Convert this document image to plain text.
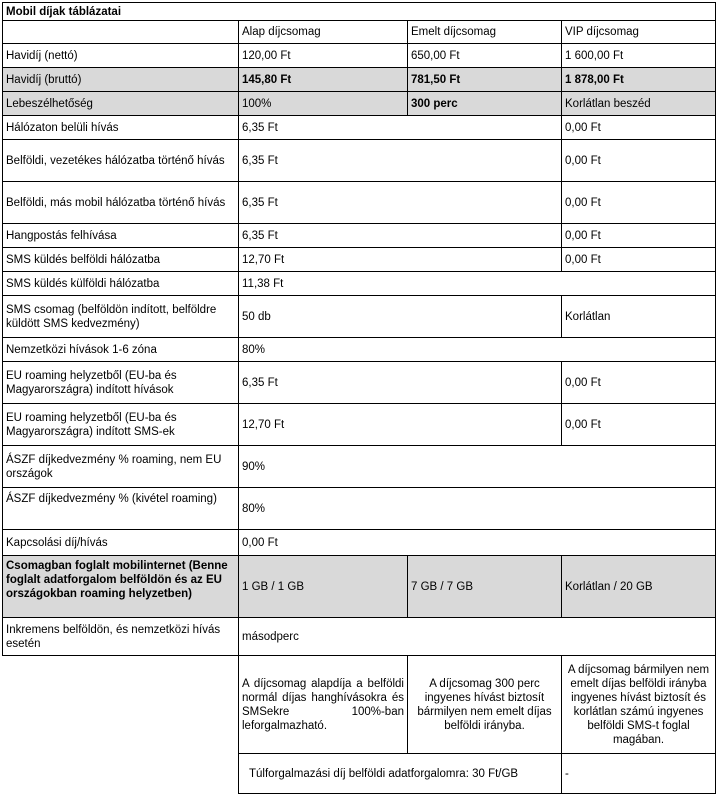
Mobil díjak táblázatai			
	Alap díjcsomag	Emelt díjcsomag	VIP díjcsomag
Havidíj (nettó)	120,00 Ft	650,00 Ft	1 600,00 Ft
Havidíj (bruttó)	145,80 Ft	781,50 Ft	1 878,00 Ft
Lebeszélhetőség	100%	300 perc	Korlátlan beszéd
Hálózaton belüli hívás	6,35 Ft		0,00 Ft
Belföldi, vezetékes hálózatba történő hívás	6,35 Ft		0,00 Ft
Belföldi, más mobil hálózatba történő hívás	6,35 Ft		0,00 Ft
Hangpostás felhívása	6,35 Ft		0,00 Ft
SMS küldés belföldi hálózatba	12,70 Ft		0,00 Ft
SMS küldés külföldi hálózatba	11,38 Ft		
SMS csomag (belföldön indított, belföldre küldött SMS kedvezmény)	50 db		Korlátlan
Nemzetközi hívások 1-6 zóna	80%		
EU roaming helyzetből (EU-ba és Magyarországra) indított hívások	6,35 Ft		0,00 Ft
EU roaming helyzetből (EU-ba és Magyarországra) indított SMS-ek	12,70 Ft		0,00 Ft
ÁSZF díjkedvezmény % roaming, nem EU országok	90%		
ÁSZF díjkedvezmény % (kivétel roaming)	80%		
Kapcsolási díj/hívás	0,00 Ft		
Csomagban foglalt mobilinternet (Benne foglalt adatforgalom belföldön és az EU országokban roaming helyzetben)	1 GB / 1 GB	7 GB / 7 GB	Korlátlan / 20 GB
Inkremens belföldön, és nemzetközi hívás esetén	másodperc		
	A díjcsomag alapdíja a belföldi normál díjas hanghívásokra és SMSekre 100%-ban leforgalmazható.	A díjcsomag 300 perc ingyenes hívást biztosít bármilyen nem emelt díjas belföldi irányba.	A díjcsomag bármilyen nem emelt díjas belföldi irányba ingyenes hívást biztosít és korlátlan számú ingyenes belföldi SMS-t foglal magában.
	Túlforgalmazási díj belföldi adatforgalomra: 30 Ft/GB		-
